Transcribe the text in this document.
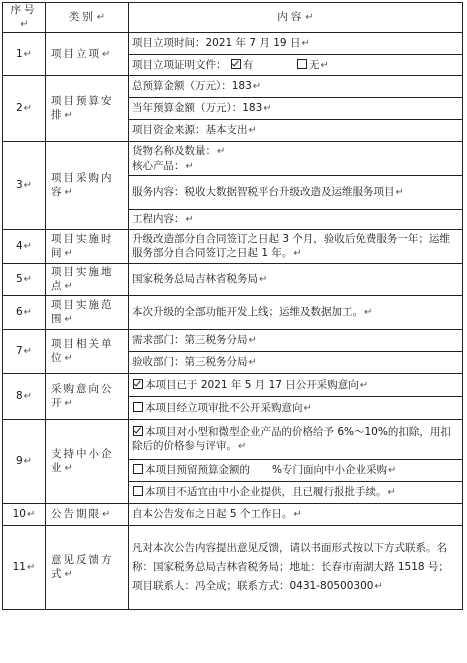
序号↵	类别↵	内容↵
1↵	项目立项↵	项目立项时间：2021 年 7 月 19 日↵
		项目立项证明文件： 有 无↵
2↵	项目预算安排↵	总预算金额（万元）：183↵
		当年预算金额（万元）：183↵
		项目资金来源：基本支出↵
3↵	项目采购内容↵	货物名称及数量：↵
核心产品：↵

		服务内容：税收大数据智税平台升级改造及运维服务项目↵
		工程内容：↵
4↵	项目实施时间↵	升级改造部分自合同签订之日起 3 个月，验收后免费服务一年；运维服务部分自合同签订之日起 1 年。↵
5↵	项目实施地点↵	国家税务总局吉林省税务局↵
6↵	项目实施范围↵	本次升级的全部功能开发上线；运维及数据加工。↵
7↵	项目相关单位↵	需求部门：第三税务分局↵
		验收部门：第三税务分局↵
8↵	采购意向公开↵	本项目已于 2021 年 5 月 17 日公开采购意向↵
		本项目经立项审批不公开采购意向↵
9↵	支持中小企业↵	本项目对小型和微型企业产品的价格给予 6%～10%的扣除，用扣除后的价格参与评审。↵
		本项目预留预算金额的 %专门面向中小企业采购↵
		本项目不适宜由中小企业提供，且已履行报批手续。↵
10↵	公告期限↵	自本公告发布之日起 5 个工作日。↵
11↵	意见反馈方式↵	凡对本次公告内容提出意见反馈，请以书面形式按以下方式联系。名称：国家税务总局吉林省税务局；地址：长春市南湖大路 1518 号；项目联系人：冯全成；联系方式：0431-80500300↵
